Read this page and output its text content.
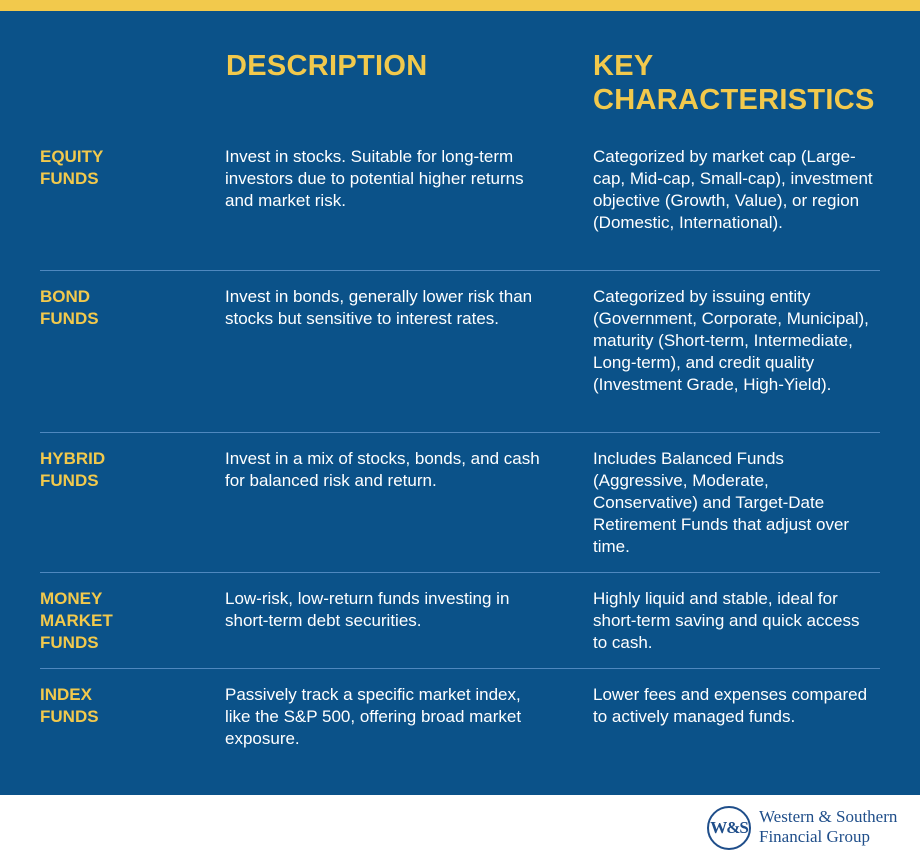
DESCRIPTION	KEY CHARACTERISTICS
EQUITY
FUNDS
Invest in stocks. Suitable for long-term investors due to potential higher returns and market risk.
Categorized by market cap (Large-cap, Mid-cap, Small-cap), investment objective (Growth, Value), or region (Domestic, International).
BOND
FUNDS
Invest in bonds, generally lower risk than stocks but sensitive to interest rates.
Categorized by issuing entity (Government, Corporate, Municipal), maturity (Short-term, Intermediate, Long-term), and credit quality (Investment Grade, High-Yield).
HYBRID
FUNDS
Invest in a mix of stocks, bonds, and cash for balanced risk and return.
Includes Balanced Funds (Aggressive, Moderate, Conservative) and Target-Date Retirement Funds that adjust over time.
MONEY
MARKET
FUNDS
Low-risk, low-return funds investing in short-term debt securities.
Highly liquid and stable, ideal for short-term saving and quick access to cash.
INDEX
FUNDS
Passively track a specific market index, like the S&P 500, offering broad market exposure.
Lower fees and expenses compared to actively managed funds.
W&S
Western & Southern
Financial Group
